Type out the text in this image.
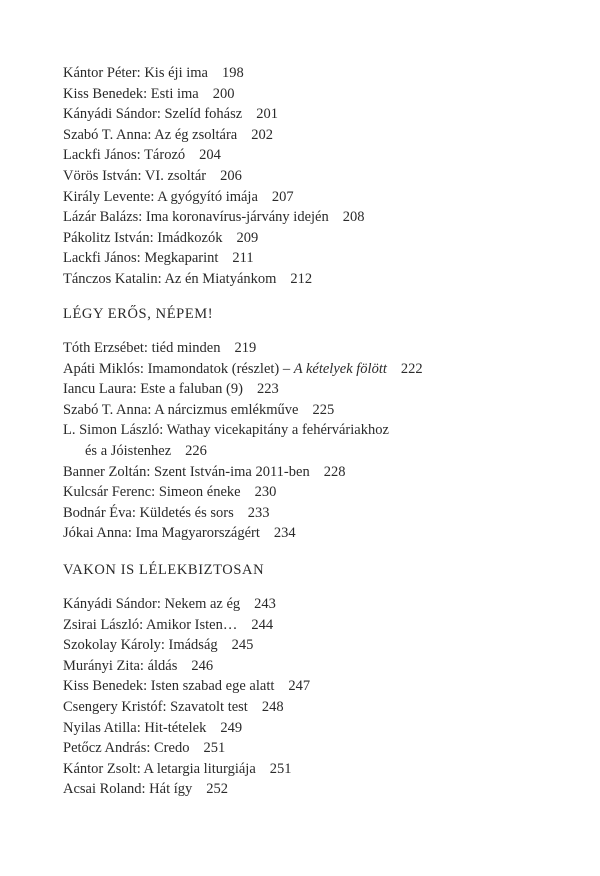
Kántor Péter: Kis éji ima 198
Kiss Benedek: Esti ima 200
Kányádi Sándor: Szelíd fohász 201
Szabó T. Anna: Az ég zsoltára 202
Lackfi János: Tározó 204
Vörös István: VI. zsoltár 206
Király Levente: A gyógyító imája 207
Lázár Balázs: Ima koronavírus-járvány idején 208
Pákolitz István: Imádkozók 209
Lackfi János: Megkaparint 211
Tánczos Katalin: Az én Miatyánkom 212
LÉGY ERŐS, NÉPEM!
Tóth Erzsébet: tiéd minden 219
Apáti Miklós: Imamondatok (részlet) – A kételyek fölött 222
Iancu Laura: Este a faluban (9) 223
Szabó T. Anna: A nárcizmus emlékműve 225
L. Simon László: Wathay vicekapitány a fehérváriakhoz
és a Jóistenhez 226
Banner Zoltán: Szent István-ima 2011-ben 228
Kulcsár Ferenc: Simeon éneke 230
Bodnár Éva: Küldetés és sors 233
Jókai Anna: Ima Magyarországért 234
VAKON IS LÉLEKBIZTOSAN
Kányádi Sándor: Nekem az ég 243
Zsirai László: Amikor Isten… 244
Szokolay Károly: Imádság 245
Murányi Zita: áldás 246
Kiss Benedek: Isten szabad ege alatt 247
Csengery Kristóf: Szavatolt test 248
Nyilas Atilla: Hit-tételek 249
Petőcz András: Credo 251
Kántor Zsolt: A letargia liturgiája 251
Acsai Roland: Hát így 252
